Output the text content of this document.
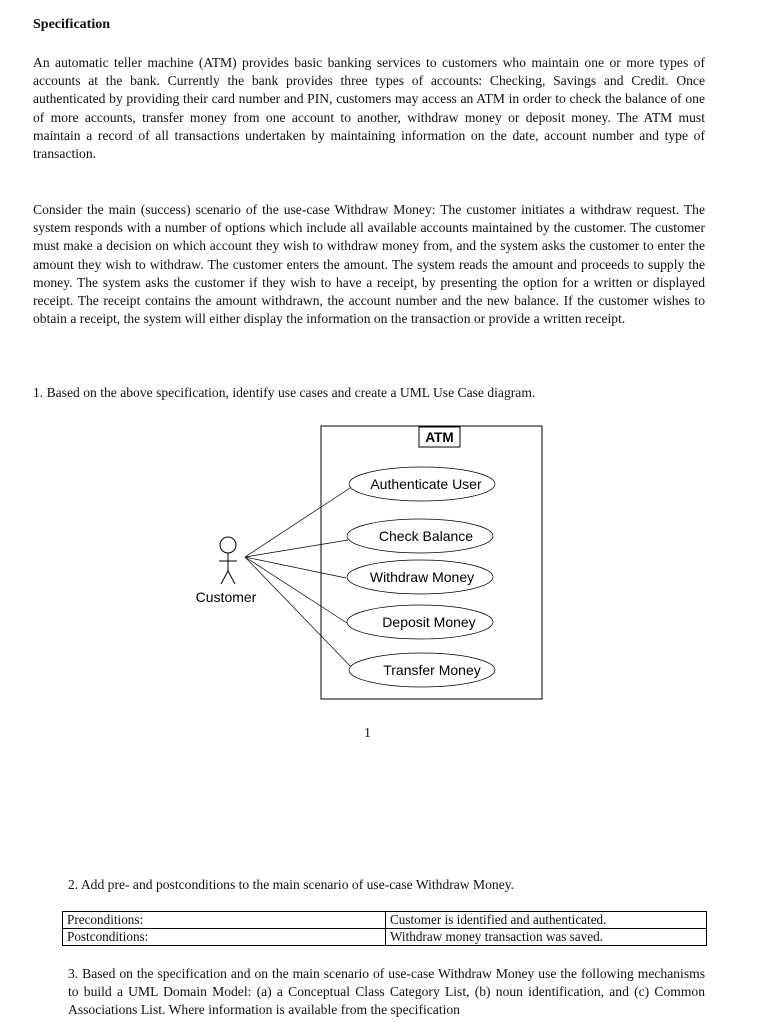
Specification

An automatic teller machine (ATM) provides basic banking services to customers who maintain one or more types of accounts at the bank. Currently the bank provides three types of accounts: Checking, Savings and Credit. Once authenticated by providing their card number and PIN, customers may access an ATM in order to check the balance of one of more accounts, transfer money from one account to another, withdraw money or deposit money. The ATM must maintain a record of all transactions undertaken by maintaining information on the date, account number and type of transaction.

Consider the main (success) scenario of the use-case Withdraw Money: The customer initiates a withdraw request. The system responds with a number of options which include all available accounts maintained by the customer. The customer must make a decision on which account they wish to withdraw money from, and the system asks the customer to enter the amount they wish to withdraw. The customer enters the amount. The system reads the amount and proceeds to supply the money. The system asks the customer if they wish to have a receipt, by presenting the option for a written or displayed receipt. The receipt contains the amount withdrawn, the account number and the new balance. If the customer wishes to obtain a receipt, the system will either display the information on the transaction or provide a written receipt.

1. Based on the above specification, identify use cases and create a UML Use Case diagram.

ATM
Customer
Authenticate User
Check Balance
Withdraw Money
Deposit Money
Transfer Money
1

2. Add pre- and postconditions to the main scenario of use-case Withdraw Money.

Preconditions:	Customer is identified and authenticated.
Postconditions:	Withdraw money transaction was saved.

3. Based on the specification and on the main scenario of use-case Withdraw Money use the following mechanisms to build a UML Domain Model: (a) a Conceptual Class Category List, (b) noun identification, and (c) Common Associations List. Where information is available from the specification
